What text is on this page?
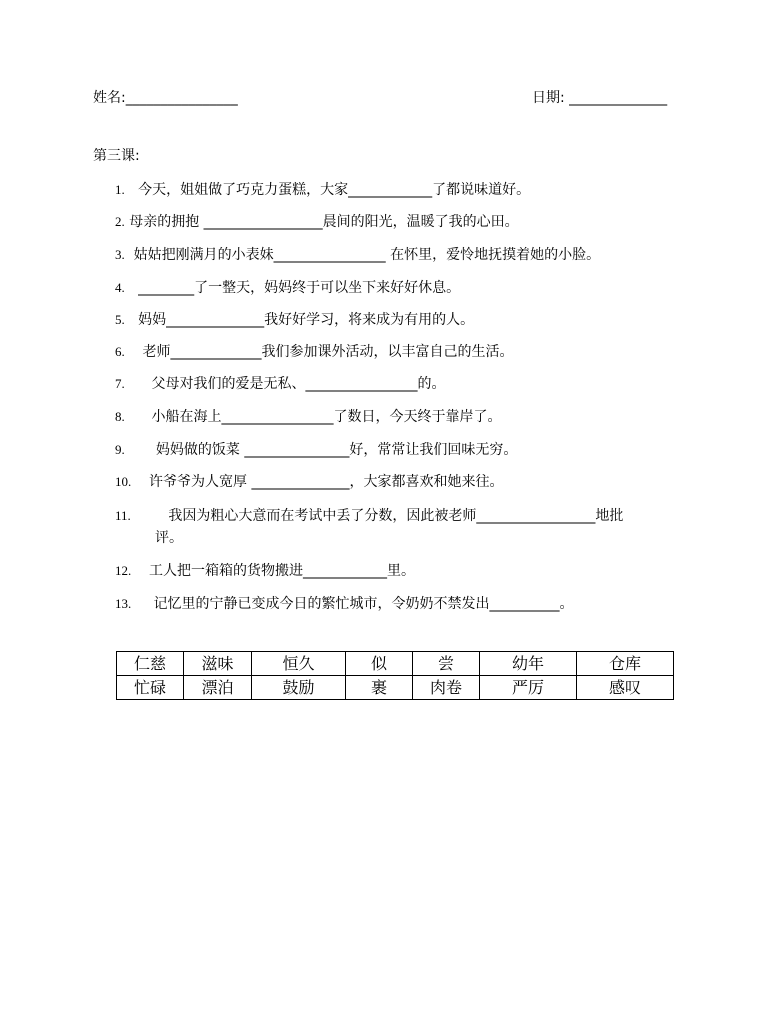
姓名:________________	日期: ______________
第三课:
1.   今天，姐姐做了巧克力蛋糕，大家____________了都说味道好。
2. 母亲的拥抱 _________________晨间的阳光，温暖了我的心田。
3.  姑姑把刚满月的小表妹________________ 在怀里，爱怜地抚摸着她的小脸。
4.   ________了一整天，妈妈终于可以坐下来好好休息。
5.   妈妈______________我好好学习，将来成为有用的人。
6.    老师_____________我们参加课外活动，以丰富自己的生活。
7.      父母对我们的爱是无私、________________的。
8.      小船在海上________________了数日，今天终于靠岸了。
9.       妈妈做的饭菜 _______________好，常常让我们回味无穷。
10.    许爷爷为人宽厚 ______________，大家都喜欢和她来往。
11.   我因为粗心大意而在考试中丢了分数，因此被老师_________________地批
评。
12.    工人把一箱箱的货物搬进____________里。
13.     记忆里的宁静已变成今日的繁忙城市，令奶奶不禁发出__________。
仁慈	滋味	恒久	似	尝	幼年	仓库
忙碌	漂泊	鼓励	裹	肉卷	严厉	感叹
